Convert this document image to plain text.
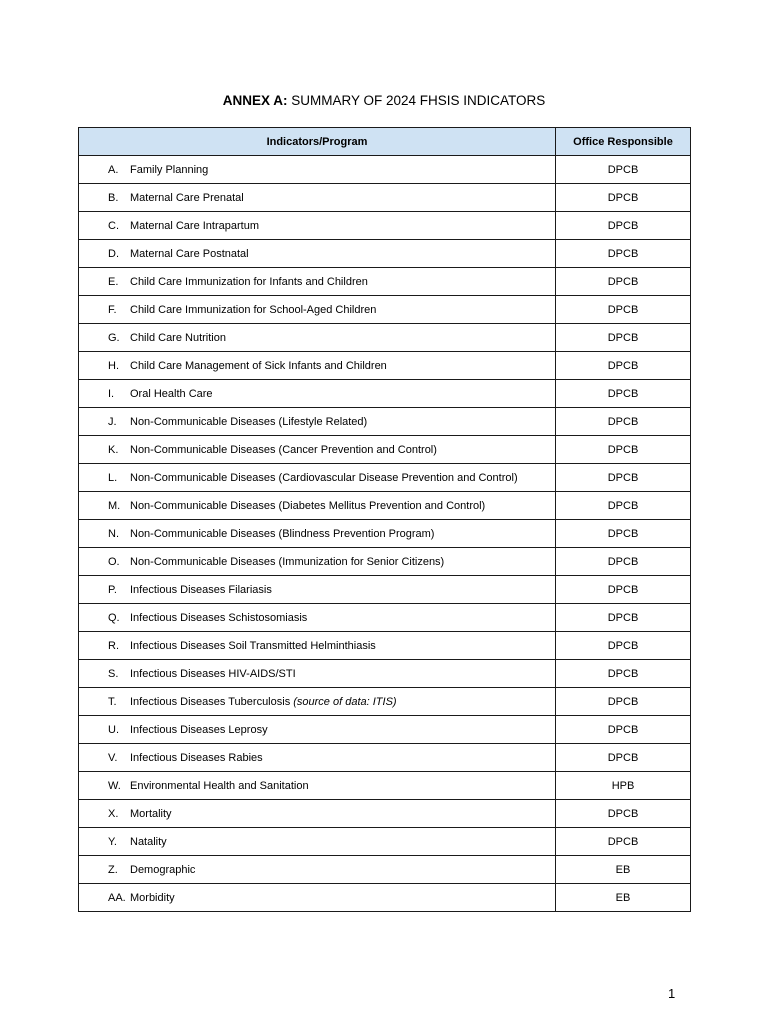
ANNEX A: SUMMARY OF 2024 FHSIS INDICATORS
Indicators/Program	Office Responsible
A. Family Planning	DPCB
B. Maternal Care Prenatal	DPCB
C. Maternal Care Intrapartum	DPCB
D. Maternal Care Postnatal	DPCB
E. Child Care Immunization for Infants and Children	DPCB
F. Child Care Immunization for School-Aged Children	DPCB
G. Child Care Nutrition	DPCB
H. Child Care Management of Sick Infants and Children	DPCB
I. Oral Health Care	DPCB
J. Non-Communicable Diseases (Lifestyle Related)	DPCB
K. Non-Communicable Diseases (Cancer Prevention and Control)	DPCB
L. Non-Communicable Diseases (Cardiovascular Disease Prevention and Control)	DPCB
M. Non-Communicable Diseases (Diabetes Mellitus Prevention and Control)	DPCB
N. Non-Communicable Diseases (Blindness Prevention Program)	DPCB
O. Non-Communicable Diseases (Immunization for Senior Citizens)	DPCB
P. Infectious Diseases Filariasis	DPCB
Q. Infectious Diseases Schistosomiasis	DPCB
R. Infectious Diseases Soil Transmitted Helminthiasis	DPCB
S. Infectious Diseases HIV-AIDS/STI	DPCB
T. Infectious Diseases Tuberculosis (source of data: ITIS)	DPCB
U. Infectious Diseases Leprosy	DPCB
V. Infectious Diseases Rabies	DPCB
W. Environmental Health and Sanitation	HPB
X. Mortality	DPCB
Y. Natality	DPCB
Z. Demographic	EB
AA. Morbidity	EB
1
